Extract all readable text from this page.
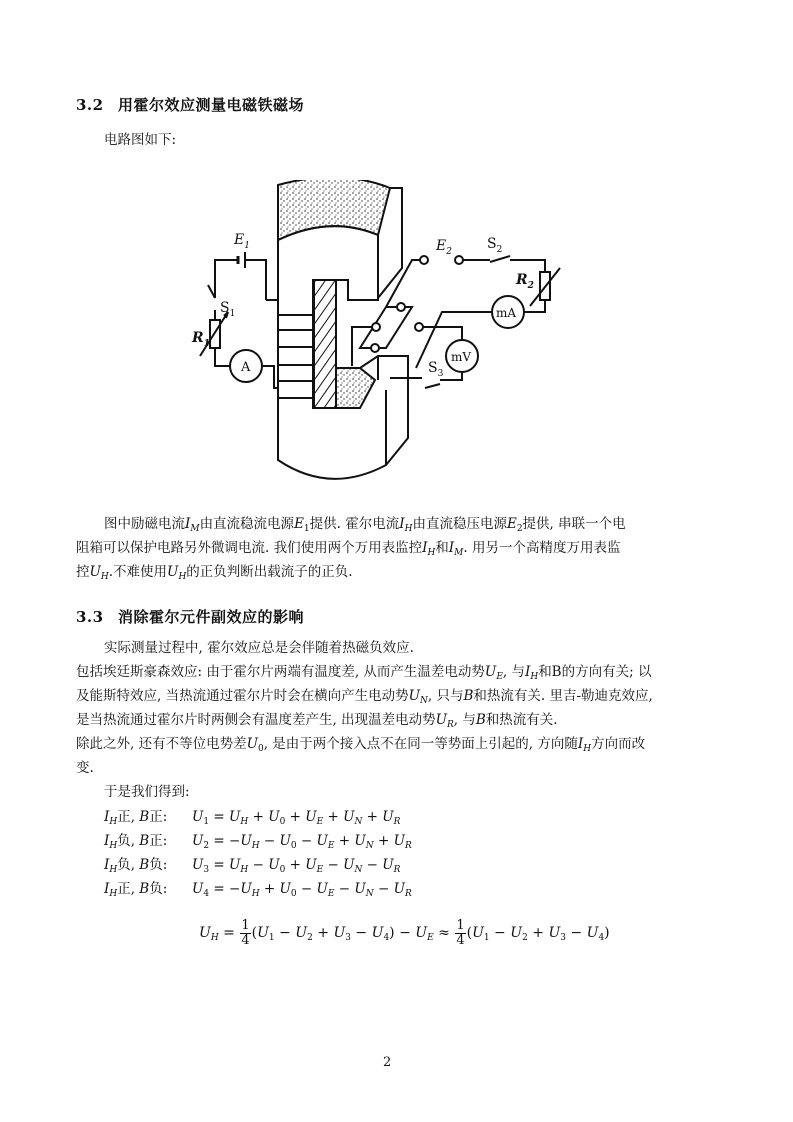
3.2 用霍尔效应测量电磁铁磁场
电路图如下:
$E_1$	$E_2$
$S_1$
$S_2$
$S_3$
$R_1$
$R_2$
A
mA
mV
图中励磁电流$I_M$由直流稳流电源$E_1$提供. 霍尔电流$I_H$由直流稳压电源$E_2$提供, 串联一个电
阻箱可以保护电路另外微调电流. 我们使用两个万用表监控$I_H$和$I_M$. 用另一个高精度万用表监
控$U_H$.不难使用$U_H$的正负判断出载流子的正负.
3.3 消除霍尔元件副效应的影响
实际测量过程中, 霍尔效应总是会伴随着热磁负效应.
包括埃廷斯豪森效应: 由于霍尔片两端有温度差, 从而产生温差电动势$U_E$, 与$I_H$和B的方向有关; 以
及能斯特效应, 当热流通过霍尔片时会在横向产生电动势$U_N$, 只与B和热流有关. 里吉-勒迪克效应,
是当热流通过霍尔片时两侧会有温度差产生, 出现温差电动势$U_R$, 与B和热流有关.
除此之外, 还有不等位电势差$U_0$, 是由于两个接入点不在同一等势面上引起的, 方向随$I_H$方向而改
变.
于是我们得到:
$I_H$正, B正: $U_1 = U_H + U_0 + U_E + U_N + U_R$
$I_H$负, B正: $U_2 = -U_H - U_0 - U_E + U_N + U_R$
$I_H$负, B负: $U_3 = U_H - U_0 + U_E - U_N - U_R$
$I_H$正, B负: $U_4 = -U_H + U_0 - U_E - U_N - U_R$
$U_H = \frac{1}{4} (U_1 - U_2 + U_3 - U_4) - U_E \approx \frac{1}{4} (U_1 - U_2 + U_3 - U_4)$
2
